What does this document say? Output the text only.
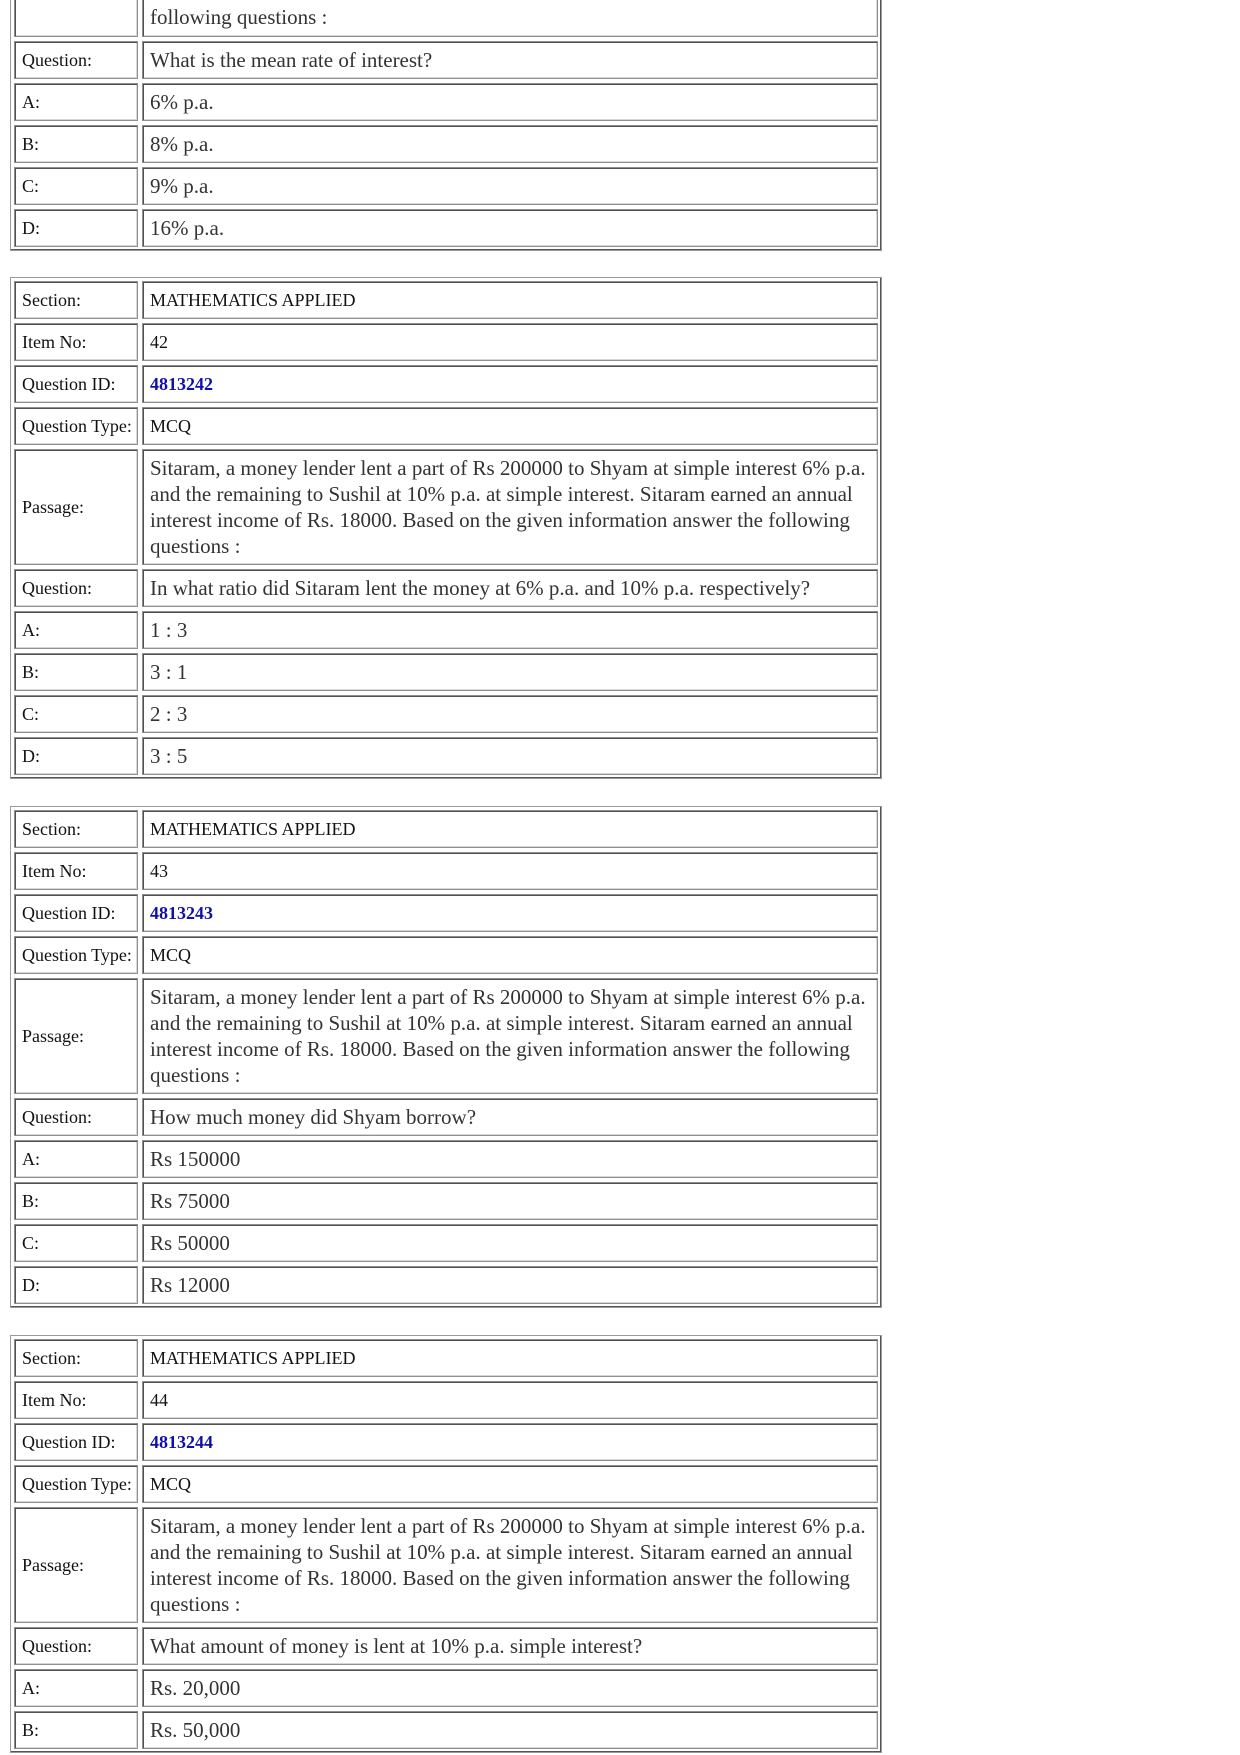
following questions :
Question:	What is the mean rate of interest?
A:	6% p.a.
B:	8% p.a.
C:	9% p.a.
D:	16% p.a.
Section:	MATHEMATICS APPLIED
Item No:	42
Question ID:	4813242
Question Type:	MCQ
Passage:
Sitaram, a money lender lent a part of Rs 200000 to Shyam at simple interest 6% p.a. and the remaining to Sushil at 10% p.a. at simple interest. Sitaram earned an annual interest income of Rs. 18000. Based on the given information answer the following questions :
Question:	In what ratio did Sitaram lent the money at 6% p.a. and 10% p.a. respectively?
A:	1 : 3
B:	3 : 1
C:	2 : 3
D:	3 : 5
Section:	MATHEMATICS APPLIED
Item No:	43
Question ID:	4813243
Question Type:	MCQ
Passage:
Sitaram, a money lender lent a part of Rs 200000 to Shyam at simple interest 6% p.a. and the remaining to Sushil at 10% p.a. at simple interest. Sitaram earned an annual interest income of Rs. 18000. Based on the given information answer the following questions :
Question:	How much money did Shyam borrow?
A:	Rs 150000
B:	Rs 75000
C:	Rs 50000
D:	Rs 12000
Section:	MATHEMATICS APPLIED
Item No:	44
Question ID:	4813244
Question Type:	MCQ
Passage:
Sitaram, a money lender lent a part of Rs 200000 to Shyam at simple interest 6% p.a. and the remaining to Sushil at 10% p.a. at simple interest. Sitaram earned an annual interest income of Rs. 18000. Based on the given information answer the following questions :
Question:	What amount of money is lent at 10% p.a. simple interest?
A:	Rs. 20,000
B:	Rs. 50,000
